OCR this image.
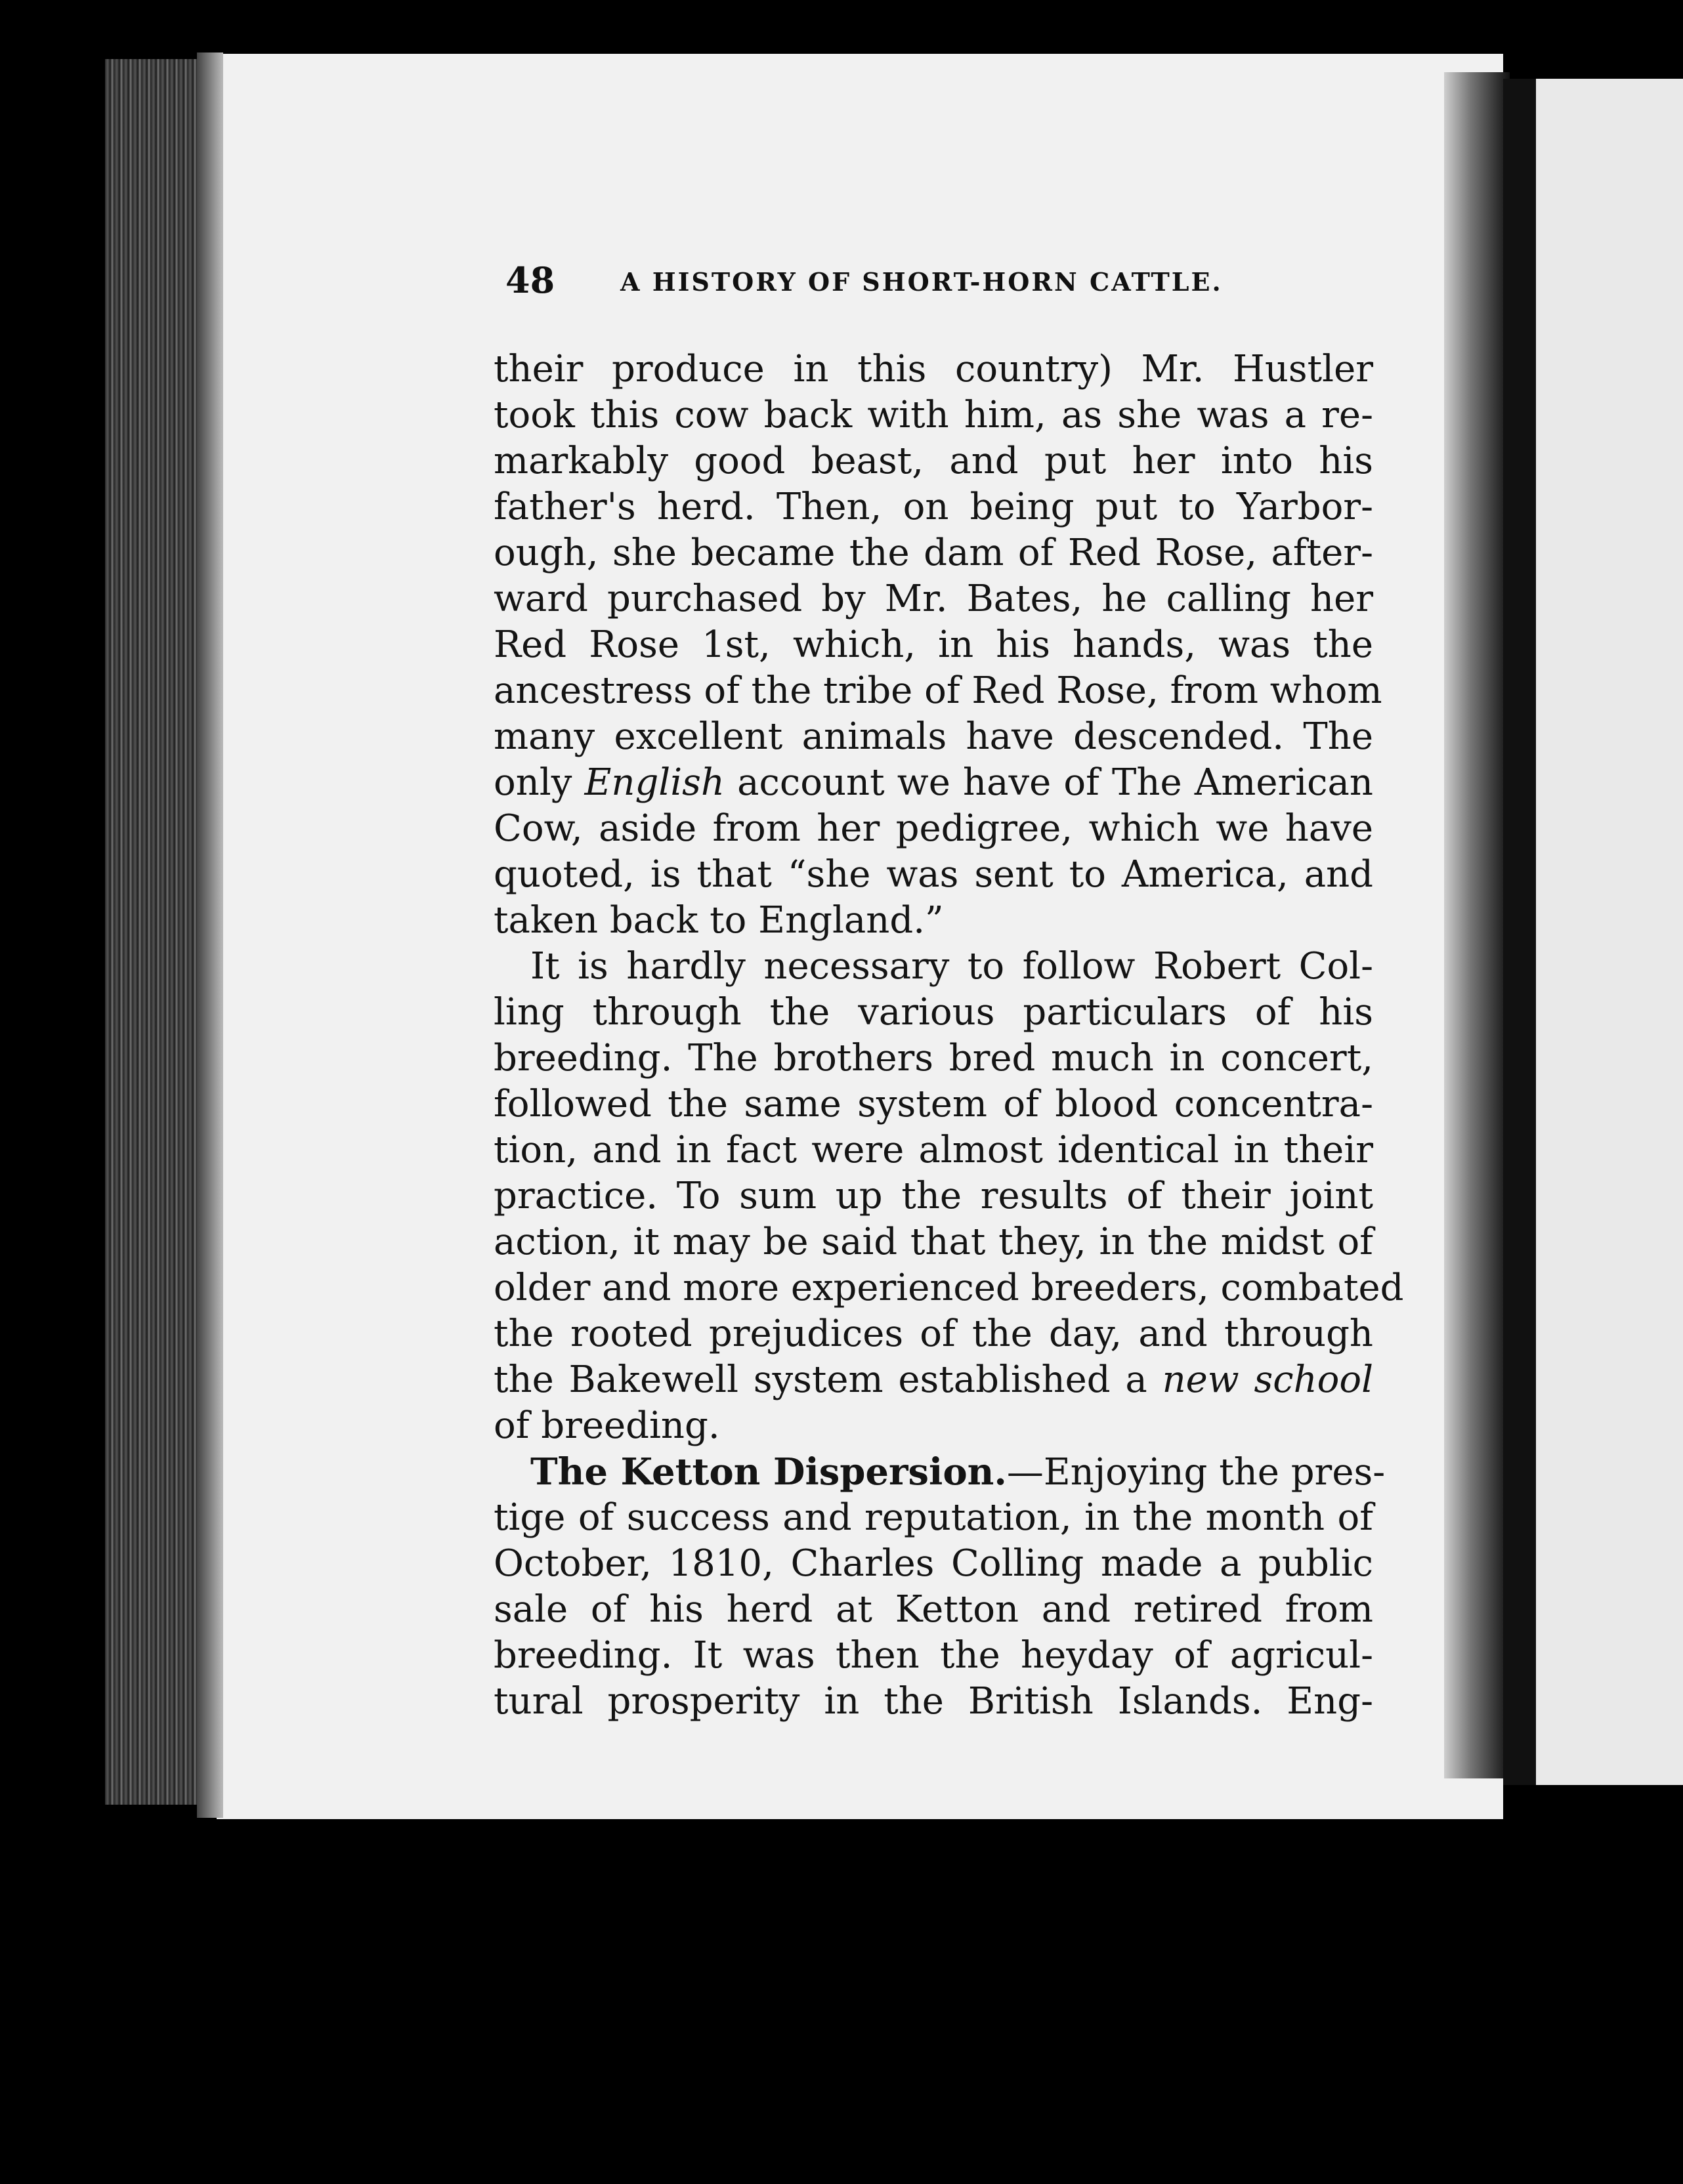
48	A HISTORY OF SHORT-HORN CATTLE.
their produce in this country) Mr. Hustler
took this cow back with him, as she was a re-
markably good beast, and put her into his
father's herd. Then, on being put to Yarbor-
ough, she became the dam of Red Rose, after-
ward purchased by Mr. Bates, he calling her
Red Rose 1st, which, in his hands, was the
ancestress of the tribe of Red Rose, from whom
many excellent animals have descended. The
only English account we have of The American
Cow, aside from her pedigree, which we have
quoted, is that “she was sent to America, and
taken back to England.”
It is hardly necessary to follow Robert Col-
ling through the various particulars of his
breeding. The brothers bred much in concert,
followed the same system of blood concentra-
tion, and in fact were almost identical in their
practice. To sum up the results of their joint
action, it may be said that they, in the midst of
older and more experienced breeders, combated
the rooted prejudices of the day, and through
the Bakewell system established a new school
of breeding.
The Ketton Dispersion.—Enjoying the pres-
tige of success and reputation, in the month of
October, 1810, Charles Colling made a public
sale of his herd at Ketton and retired from
breeding. It was then the heyday of agricul-
tural prosperity in the British Islands. Eng-
